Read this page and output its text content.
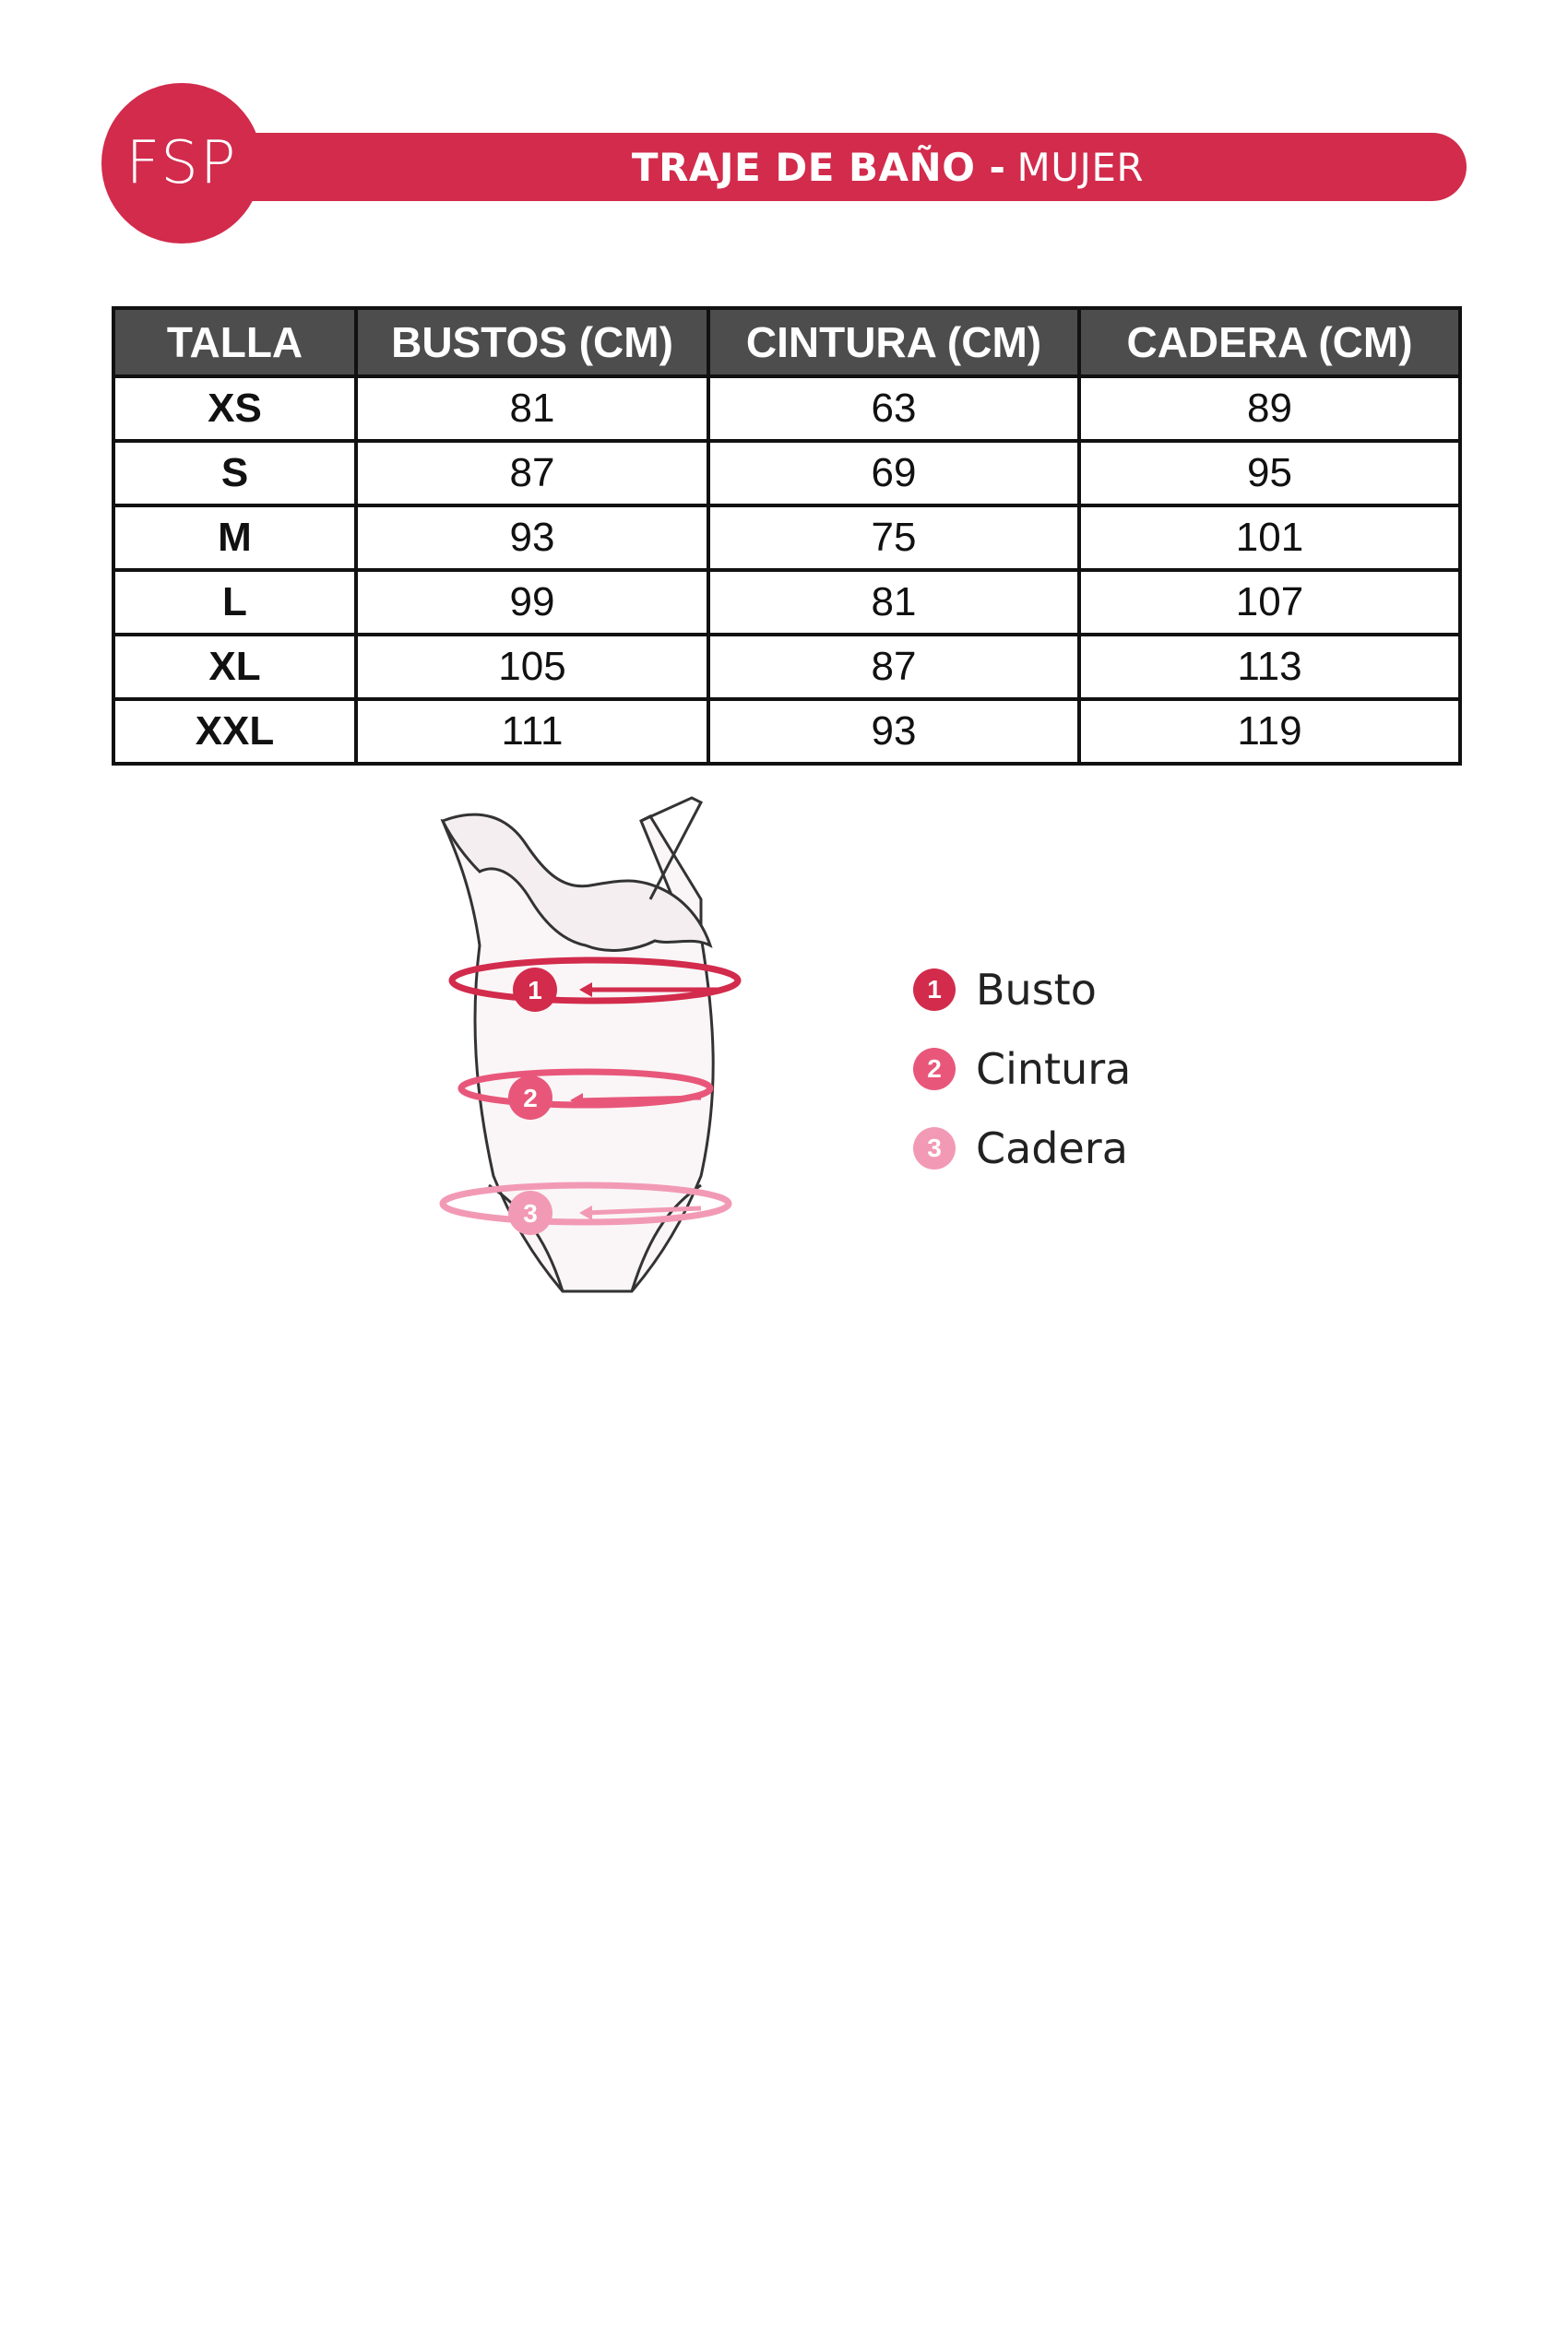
TRAJE DE BAÑO - MUJER
FSP
TALLA	BUSTOS (CM)	CINTURA (CM)	CADERA (CM)
XS	81	63	89
S	87	69	95
M	93	75	101
L	99	81	107
XL	105	87	113
XXL	111	93	119
1
2
3
1 Busto
2 Cintura
3 Cadera
